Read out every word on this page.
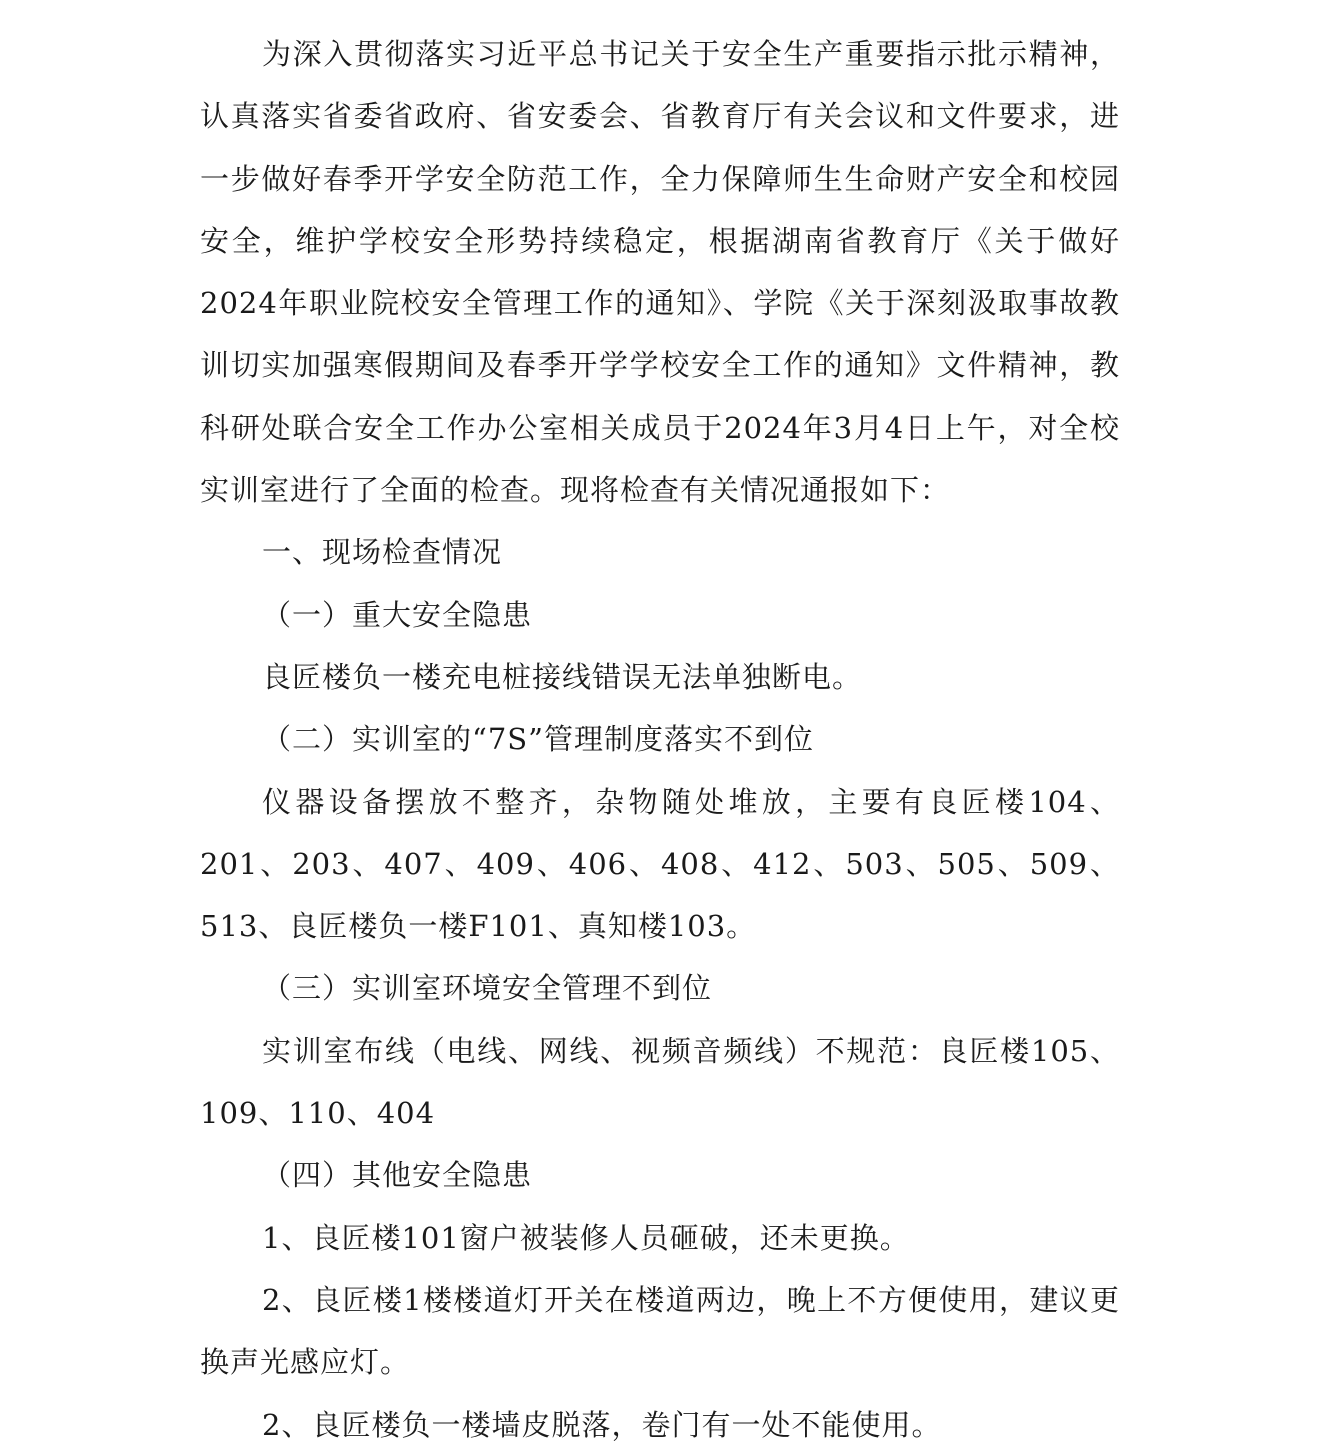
为深入贯彻落实习近平总书记关于安全生产重要指示批示精神，认真落实省委省政府、省安委会、省教育厅有关会议和文件要求，进一步做好春季开学安全防范工作，全力保障师生生命财产安全和校园安全，维护学校安全形势持续稳定，根据湖南省教育厅《关于做好2024年职业院校安全管理工作的通知》、学院《关于深刻汲取事故教训切实加强寒假期间及春季开学学校安全工作的通知》文件精神，教科研处联合安全工作办公室相关成员于2024年3月4日上午，对全校实训室进行了全面的检查。现将检查有关情况通报如下：

一、现场检查情况

（一）重大安全隐患

良匠楼负一楼充电桩接线错误无法单独断电。

（二）实训室的“7S”管理制度落实不到位

仪器设备摆放不整齐，杂物随处堆放，主要有良匠楼104、201、203、407、409、406、408、412、503、505、509、513、良匠楼负一楼F101、真知楼103。

（三）实训室环境安全管理不到位

实训室布线（电线、网线、视频音频线）不规范：良匠楼105、109、110、404

（四）其他安全隐患

1、良匠楼101窗户被装修人员砸破，还未更换。

2、良匠楼1楼楼道灯开关在楼道两边，晚上不方便使用，建议更换声光感应灯。

2、良匠楼负一楼墙皮脱落，卷门有一处不能使用。
